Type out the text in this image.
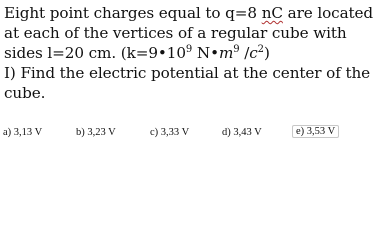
Eight point charges equal to q=8 nC are located
at each of the vertices of a regular cube with
sides l=20 cm. ($k=9•10^9$ $N•m^9$ $/c^2$)
I) Find the electric potential at the center of the
cube.
a) 3,13 V	b) 3,23 V	c) 3,33 V	d) 3,43 V	e) 3,53 V
